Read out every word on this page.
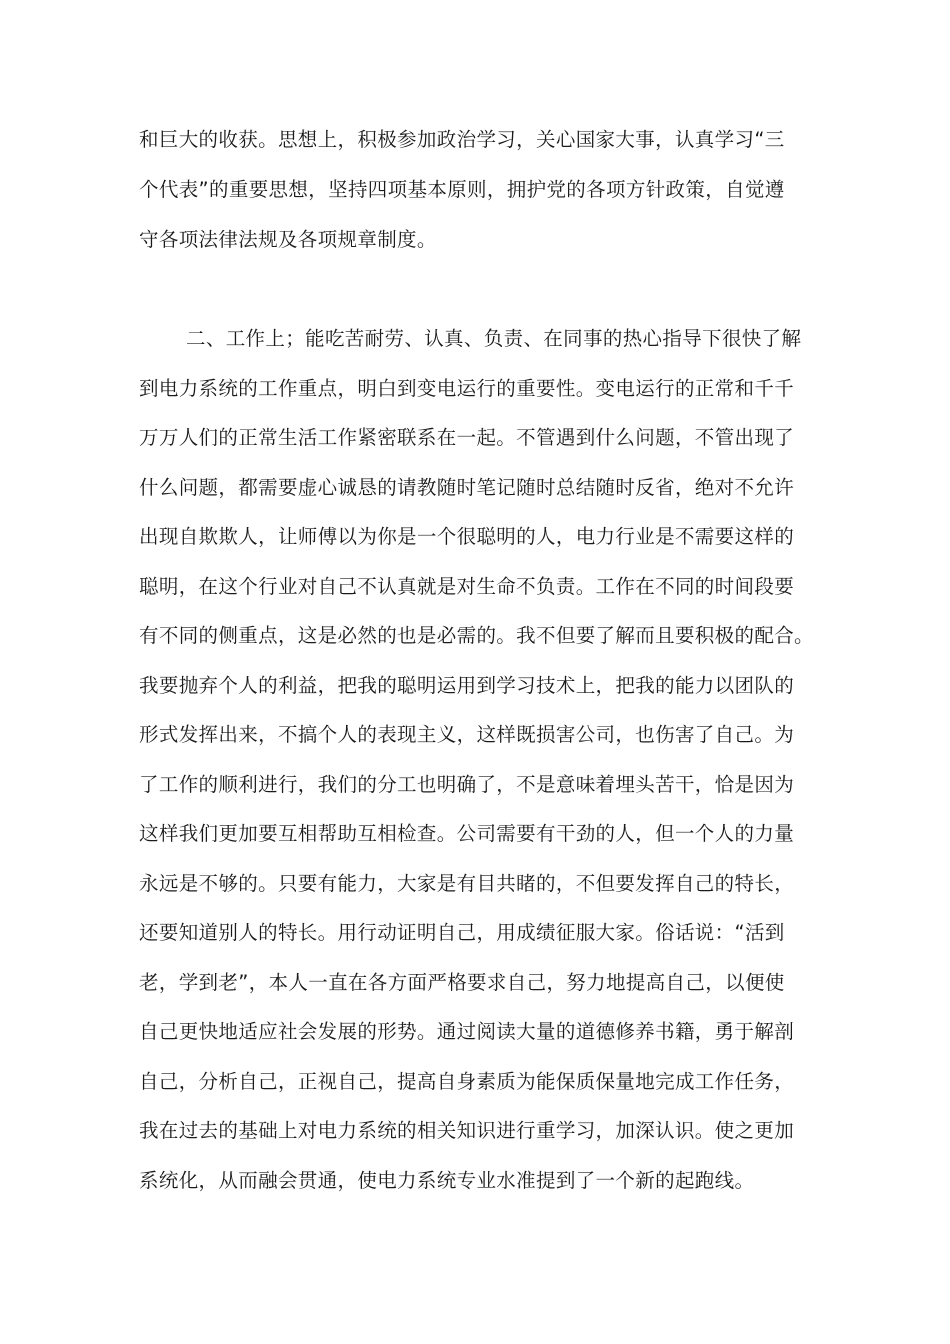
和巨大的收获。思想上，积极参加政治学习，关心国家大事，认真学习“三
个代表”的重要思想，坚持四项基本原则，拥护党的各项方针政策，自觉遵
守各项法律法规及各项规章制度。
二、工作上；能吃苦耐劳、认真、负责、在同事的热心指导下很快了解
到电力系统的工作重点，明白到变电运行的重要性。变电运行的正常和千千
万万人们的正常生活工作紧密联系在一起。不管遇到什么问题，不管出现了
什么问题，都需要虚心诚恳的请教随时笔记随时总结随时反省，绝对不允许
出现自欺欺人，让师傅以为你是一个很聪明的人，电力行业是不需要这样的
聪明，在这个行业对自己不认真就是对生命不负责。工作在不同的时间段要
有不同的侧重点，这是必然的也是必需的。我不但要了解而且要积极的配合。
我要抛弃个人的利益，把我的聪明运用到学习技术上，把我的能力以团队的
形式发挥出来，不搞个人的表现主义，这样既损害公司，也伤害了自己。为
了工作的顺利进行，我们的分工也明确了，不是意味着埋头苦干，恰是因为
这样我们更加要互相帮助互相检查。公司需要有干劲的人，但一个人的力量
永远是不够的。只要有能力，大家是有目共睹的，不但要发挥自己的特长，
还要知道别人的特长。用行动证明自己，用成绩征服大家。俗话说：“活到
老，学到老”，本人一直在各方面严格要求自己，努力地提高自己，以便使
自己更快地适应社会发展的形势。通过阅读大量的道德修养书籍，勇于解剖
自己，分析自己，正视自己，提高自身素质为能保质保量地完成工作任务，
我在过去的基础上对电力系统的相关知识进行重学习，加深认识。使之更加
系统化，从而融会贯通，使电力系统专业水准提到了一个新的起跑线。
